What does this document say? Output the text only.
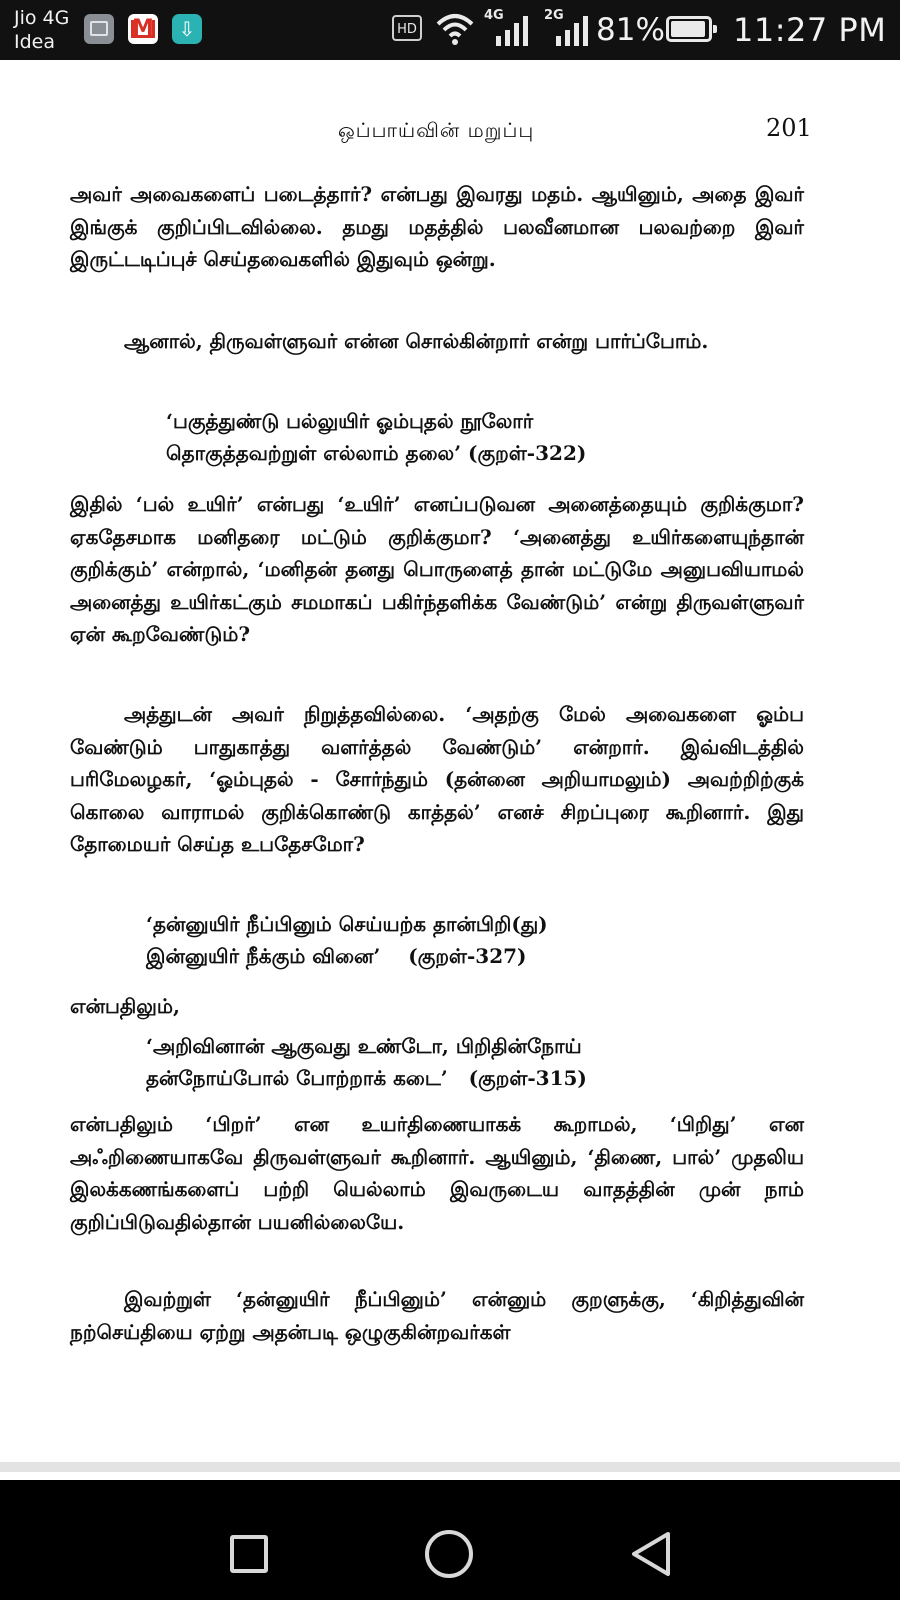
Jio 4G
Idea
M
⇩	HD
4G	2G 81% 11:27 PM
ஒப்பாய்வின் மறுப்பு	201
அவர் அவைகளைப் படைத்தார்? என்பது இவரது மதம். ஆயினும், அதை இவர் இங்குக் குறிப்பிடவில்லை. தமது மதத்தில் பலவீனமான பலவற்றை இவர் இருட்டடிப்புச் செய்தவைகளில் இதுவும் ஒன்று.
ஆனால், திருவள்ளுவர் என்ன சொல்கின்றார் என்று பார்ப்போம்.
‘பகுத்துண்டு பல்லுயிர் ஓம்புதல் நூலோர்
தொகுத்தவற்றுள் எல்லாம் தலை’ (குறள்-322)
இதில் ‘பல் உயிர்’ என்பது ‘உயிர்’ எனப்படுவன அனைத்தையும் குறிக்குமா? ஏகதேசமாக மனிதரை மட்டும் குறிக்குமா? ‘அனைத்து உயிர்களையுந்தான் குறிக்கும்’ என்றால், ‘மனிதன் தனது பொருளைத் தான் மட்டுமே அனுபவியாமல் அனைத்து உயிர்கட்கும் சமமாகப் பகிர்ந்தளிக்க வேண்டும்’ என்று திருவள்ளுவர் ஏன் கூறவேண்டும்?
அத்துடன் அவர் நிறுத்தவில்லை. ‘அதற்கு மேல் அவைகளை ஓம்ப வேண்டும் பாதுகாத்து வளர்த்தல் வேண்டும்’ என்றார். இவ்விடத்தில் பரிமேலழகர், ‘ஓம்புதல் - சோர்ந்தும் (தன்னை அறியாமலும்) அவற்றிற்குக் கொலை வாராமல் குறிக்கொண்டு காத்தல்’ எனச் சிறப்புரை கூறினார். இது தோமையர் செய்த உபதேசமோ?
‘தன்னுயிர் நீப்பினும் செய்யற்க தான்பிறி(து)
இன்னுயிர் நீக்கும் வினை’    (குறள்-327)
என்பதிலும்,
‘அறிவினான் ஆகுவது உண்டோ, பிறிதின்நோய்
தன்நோய்போல் போற்றாக் கடை’   (குறள்-315)
என்பதிலும் ‘பிறர்’ என உயர்திணையாகக் கூறாமல், ‘பிறிது’ என அஃறிணையாகவே திருவள்ளுவர் கூறினார். ஆயினும், ‘திணை, பால்’ முதலிய இலக்கணங்களைப் பற்றி யெல்லாம் இவருடைய வாதத்தின் முன் நாம் குறிப்பிடுவதில்தான் பயனில்லையே.
இவற்றுள் ‘தன்னுயிர் நீப்பினும்’ என்னும் குறளுக்கு, ‘கிறித்துவின் நற்செய்தியை ஏற்று அதன்படி ஒழுகுகின்றவர்கள்
